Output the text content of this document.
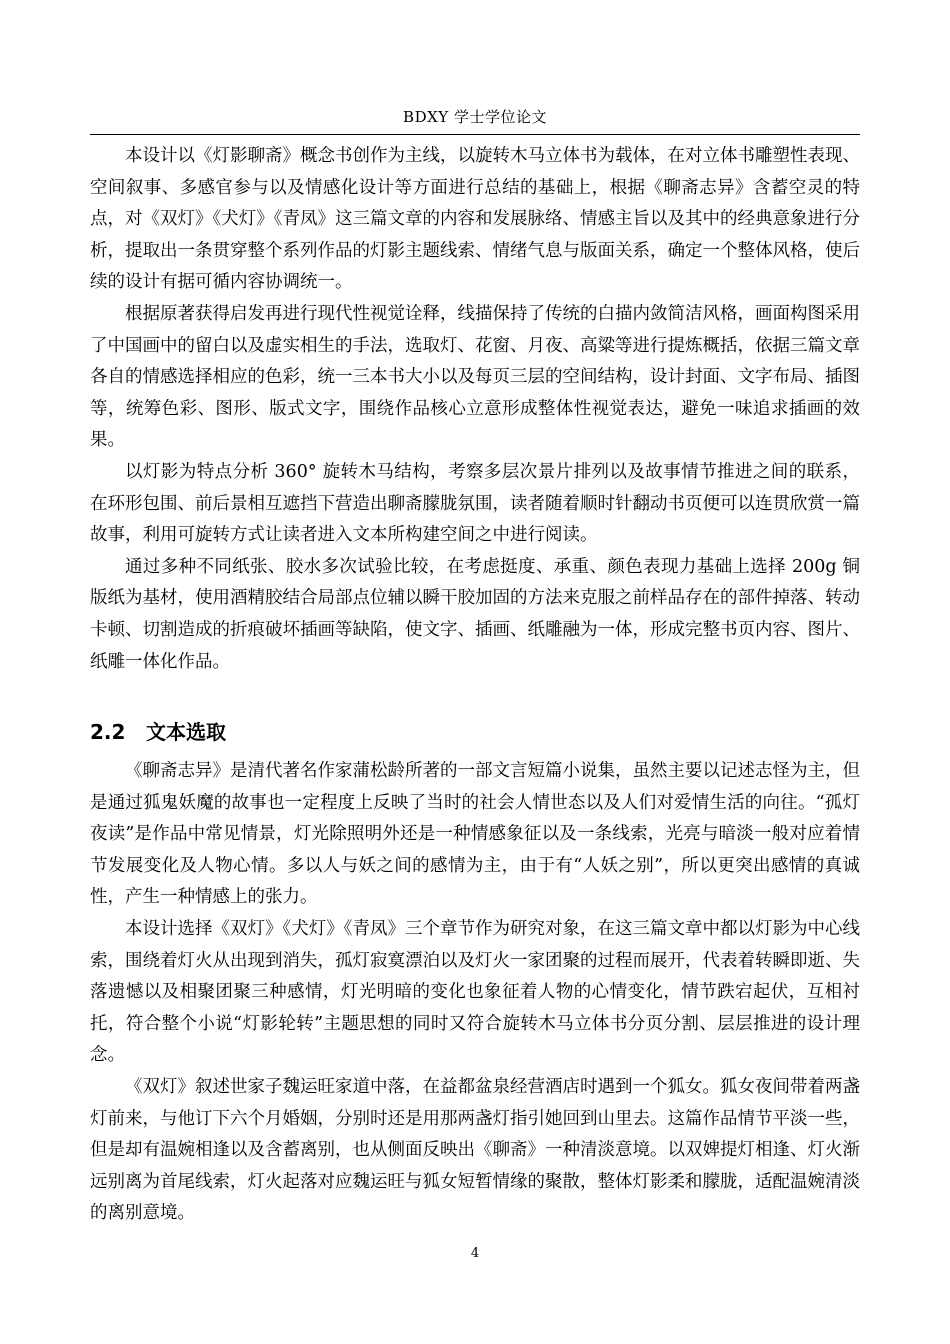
BDXY 学士学位论文

本设计以《灯影聊斋》概念书创作为主线，以旋转木马立体书为载体，在对立体书雕塑性表现、空间叙事、多感官参与以及情感化设计等方面进行总结的基础上，根据《聊斋志异》含蓄空灵的特点，对《双灯》《犬灯》《青凤》这三篇文章的内容和发展脉络、情感主旨以及其中的经典意象进行分析，提取出一条贯穿整个系列作品的灯影主题线索、情绪气息与版面关系，确定一个整体风格，使后续的设计有据可循内容协调统一。

根据原著获得启发再进行现代性视觉诠释，线描保持了传统的白描内敛简洁风格，画面构图采用了中国画中的留白以及虚实相生的手法，选取灯、花窗、月夜、高粱等进行提炼概括，依据三篇文章各自的情感选择相应的色彩，统一三本书大小以及每页三层的空间结构，设计封面、文字布局、插图等，统筹色彩、图形、版式文字，围绕作品核心立意形成整体性视觉表达，避免一味追求插画的效果。

以灯影为特点分析 360° 旋转木马结构，考察多层次景片排列以及故事情节推进之间的联系，在环形包围、前后景相互遮挡下营造出聊斋朦胧氛围，读者随着顺时针翻动书页便可以连贯欣赏一篇故事，利用可旋转方式让读者进入文本所构建空间之中进行阅读。

通过多种不同纸张、胶水多次试验比较，在考虑挺度、承重、颜色表现力基础上选择 200g 铜版纸为基材，使用酒精胶结合局部点位辅以瞬干胶加固的方法来克服之前样品存在的部件掉落、转动卡顿、切割造成的折痕破坏插画等缺陷，使文字、插画、纸雕融为一体，形成完整书页内容、图片、纸雕一体化作品。

2.2 文本选取

《聊斋志异》是清代著名作家蒲松龄所著的一部文言短篇小说集，虽然主要以记述志怪为主，但是通过狐鬼妖魔的故事也一定程度上反映了当时的社会人情世态以及人们对爱情生活的向往。“孤灯夜读”是作品中常见情景，灯光除照明外还是一种情感象征以及一条线索，光亮与暗淡一般对应着情节发展变化及人物心情。多以人与妖之间的感情为主，由于有“人妖之别”，所以更突出感情的真诚性，产生一种情感上的张力。

本设计选择《双灯》《犬灯》《青凤》三个章节作为研究对象，在这三篇文章中都以灯影为中心线索，围绕着灯火从出现到消失，孤灯寂寞漂泊以及灯火一家团聚的过程而展开，代表着转瞬即逝、失落遗憾以及相聚团聚三种感情，灯光明暗的变化也象征着人物的心情变化，情节跌宕起伏，互相衬托，符合整个小说“灯影轮转”主题思想的同时又符合旋转木马立体书分页分割、层层推进的设计理念。

《双灯》叙述世家子魏运旺家道中落，在益都盆泉经营酒店时遇到一个狐女。狐女夜间带着两盏灯前来，与他订下六个月婚姻，分别时还是用那两盏灯指引她回到山里去。这篇作品情节平淡一些，但是却有温婉相逢以及含蓄离别，也从侧面反映出《聊斋》一种清淡意境。以双婢提灯相逢、灯火渐远别离为首尾线索，灯火起落对应魏运旺与狐女短暂情缘的聚散，整体灯影柔和朦胧，适配温婉清淡的离别意境。

4
